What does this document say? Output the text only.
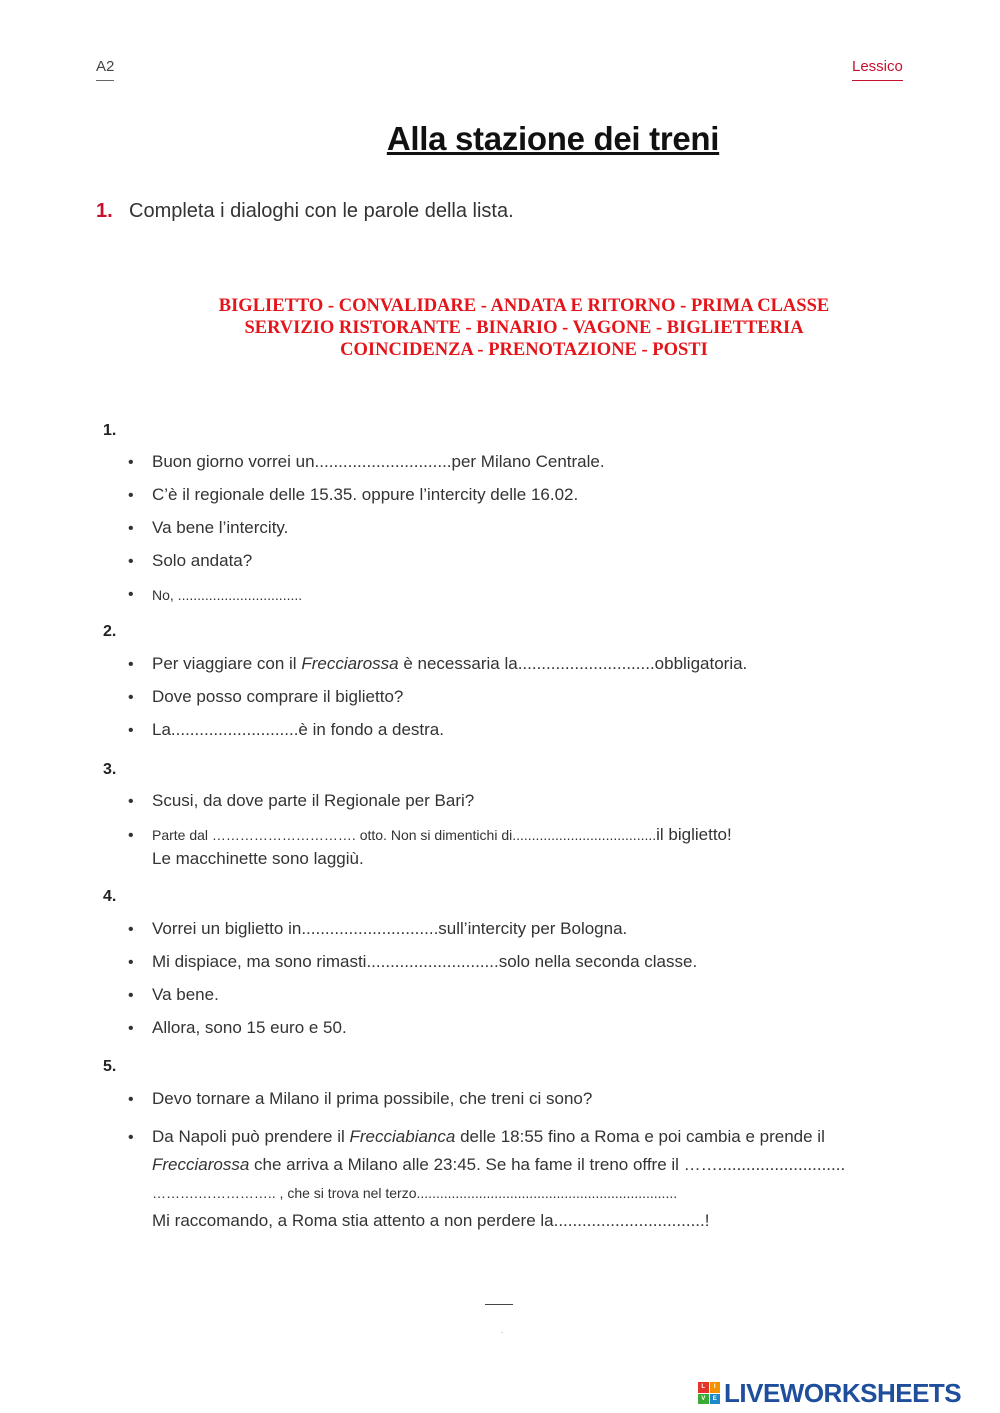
A2	Lessico
Alla stazione dei treni
1. Completa i dialoghi con le parole della lista.
BIGLIETTO - CONVALIDARE - ANDATA E RITORNO - PRIMA CLASSE
SERVIZIO RISTORANTE - BINARIO - VAGONE - BIGLIETTERIA
COINCIDENZA - PRENOTAZIONE - POSTI
1.
• Buon giorno vorrei un.............................per Milano Centrale.
• C’è il regionale delle 15.35. oppure l’intercity delle 16.02.
• Va bene l’intercity.
• Solo andata?
• No, ................................
2.
• Per viaggiare con il Frecciarossa è necessaria la.............................obbligatoria.
• Dove posso comprare il biglietto?
• La...........................è in fondo a destra.
3.
• Scusi, da dove parte il Regionale per Bari?
• Parte dal …………………………. otto. Non si dimentichi di.....................................il biglietto!
Le macchinette sono laggiù.
4.
• Vorrei un biglietto in.............................sull’intercity per Bologna.
• Mi dispiace, ma sono rimasti............................solo nella seconda classe.
• Va bene.
• Allora, sono 15 euro e 50.
5.
• Devo tornare a Milano il prima possibile, che treni ci sono?
• Da Napoli può prendere il Frecciabianca delle 18:55 fino a Roma e poi cambia e prende il
Frecciarossa che arriva a Milano alle 23:45. Se ha fame il treno offre il ……...........................
……….…………….. , che si trova nel terzo...................................................................
Mi raccomando, a Roma stia attento a non perdere la................................!
.
L	I
V	E LIVEWORKSHEETS
